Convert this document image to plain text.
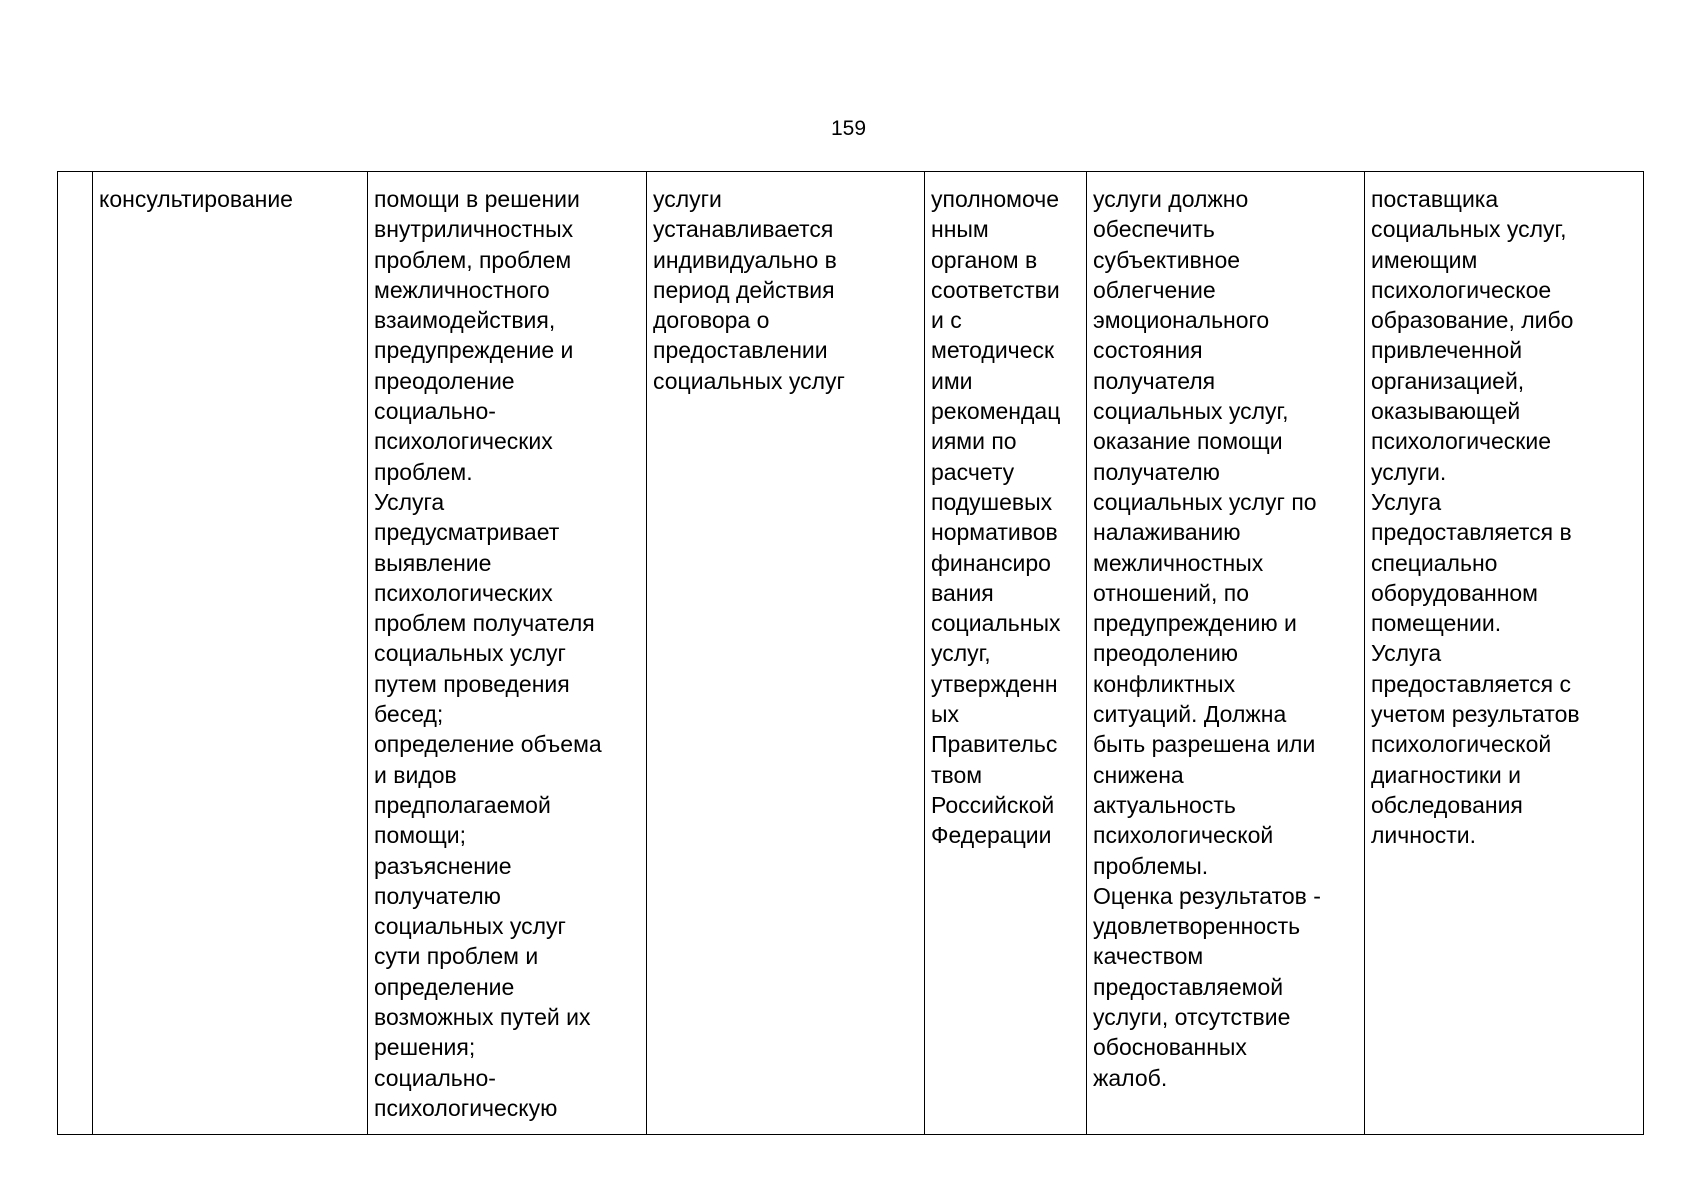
159
	консультирование	помощи в решении
внутриличностных
проблем, проблем
межличностного
взаимодействия,
предупреждение и
преодоление
социально-
психологических
проблем.
Услуга
предусматривает
выявление
психологических
проблем получателя
социальных услуг
путем проведения
бесед;
определение объема
и видов
предполагаемой
помощи;
разъяснение
получателю
социальных услуг
сути проблем и
определение
возможных путей их
решения;
социально-
психологическую	услуги
устанавливается
индивидуально в
период действия
договора о
предоставлении
социальных услуг	уполномоче
нным
органом в
соответстви
и с
методическ
ими
рекомендац
иями по
расчету
подушевых
нормативов
финансиро
вания
социальных
услуг,
утвержденн
ых
Правительс
твом
Российской
Федерации	услуги должно
обеспечить
субъективное
облегчение
эмоционального
состояния
получателя
социальных услуг,
оказание помощи
получателю
социальных услуг по
налаживанию
межличностных
отношений, по
предупреждению и
преодолению
конфликтных
ситуаций. Должна
быть разрешена или
снижена
актуальность
психологической
проблемы.
Оценка результатов -
удовлетворенность
качеством
предоставляемой
услуги, отсутствие
обоснованных
жалоб.	поставщика
социальных услуг,
имеющим
психологическое
образование, либо
привлеченной
организацией,
оказывающей
психологические
услуги.
Услуга
предоставляется в
специально
оборудованном
помещении.
Услуга
предоставляется с
учетом результатов
психологической
диагностики и
обследования
личности.
